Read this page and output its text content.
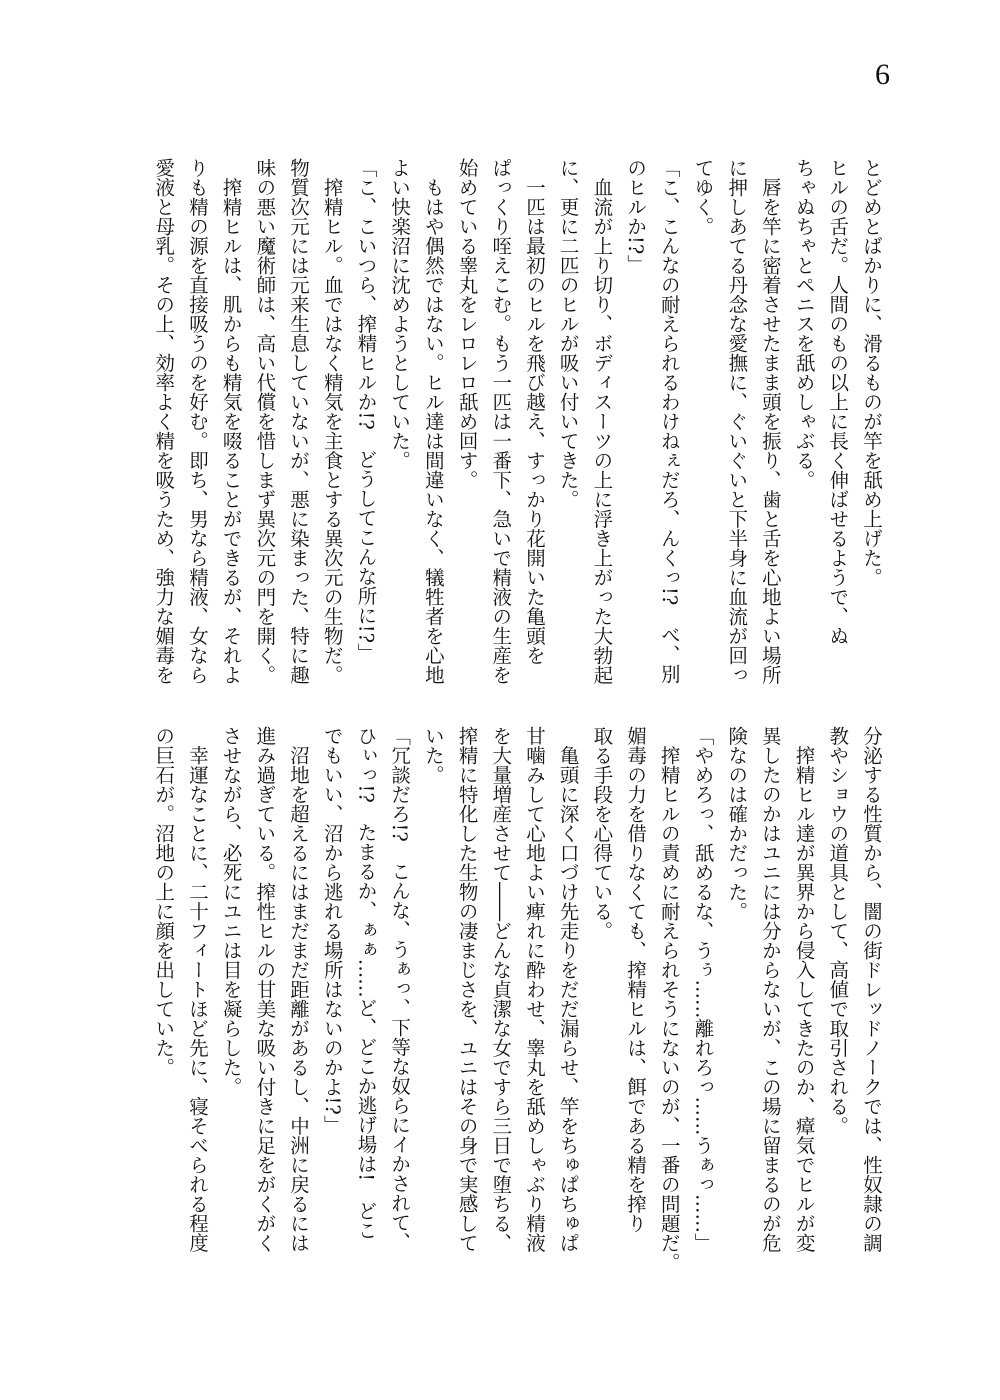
6
とどめとばかりに、滑るものが竿を舐め上げた。
ヒルの舌だ。人間のもの以上に長く伸ばせるようで、ぬ
ちゃぬちゃとペニスを舐めしゃぶる。
　唇を竿に密着させたまま頭を振り、歯と舌を心地よい場所
に押しあてる丹念な愛撫に、ぐいぐいと下半身に血流が回っ
てゆく。
「こ、こんなの耐えられるわけねぇだろ、んくっ!?　べ、別
のヒルか!?」
　血流が上り切り、ボディスーツの上に浮き上がった大勃起
に、更に二匹のヒルが吸い付いてきた。
　一匹は最初のヒルを飛び越え、すっかり花開いた亀頭を
ぱっくり咥えこむ。もう一匹は一番下、急いで精液の生産を
始めている睾丸をレロレロ舐め回す。
　もはや偶然ではない。ヒル達は間違いなく、犠牲者を心地
よい快楽沼に沈めようとしていた。
「こ、こいつら、搾精ヒルか!?　どうしてこんな所に!?」
　搾精ヒル。血ではなく精気を主食とする異次元の生物だ。
物質次元には元来生息していないが、悪に染まった、特に趣
味の悪い魔術師は、高い代償を惜しまず異次元の門を開く。
　搾精ヒルは、肌からも精気を啜ることができるが、それよ
りも精の源を直接吸うのを好む。即ち、男なら精液、女なら
愛液と母乳。その上、効率よく精を吸うため、強力な媚毒を
分泌する性質から、闇の街ドレッドノークでは、性奴隷の調
教やショウの道具として、高値で取引される。
　搾精ヒル達が異界から侵入してきたのか、瘴気でヒルが変
異したのかはユニには分からないが、この場に留まるのが危
険なのは確かだった。
「やめろっ、舐めるな、うぅ……離れろっ……うぁっ……」
　搾精ヒルの責めに耐えられそうにないのが、一番の問題だ。
媚毒の力を借りなくても、搾精ヒルは、餌である精を搾り
取る手段を心得ている。
　亀頭に深く口づけ先走りをだだ漏らせ、竿をちゅぱちゅぱ
甘噛みして心地よい痺れに酔わせ、睾丸を舐めしゃぶり精液
を大量増産させて――どんな貞潔な女ですら三日で堕ちる、
搾精に特化した生物の凄まじさを、ユニはその身で実感して
いた。
「冗談だろ!?　こんな、うぁっ、下等な奴らにイかされて、
ひぃっ!?　たまるか、ぁぁ……ど、どこか逃げ場は!　どこ
でもいい、沼から逃れる場所はないのかよ!?」
　沼地を超えるにはまだまだ距離があるし、中洲に戻るには
進み過ぎている。搾性ヒルの甘美な吸い付きに足をがくがく
させながら、必死にユニは目を凝らした。
　幸運なことに、二十フィートほど先に、寝そべられる程度
の巨石が。沼地の上に顔を出していた。
